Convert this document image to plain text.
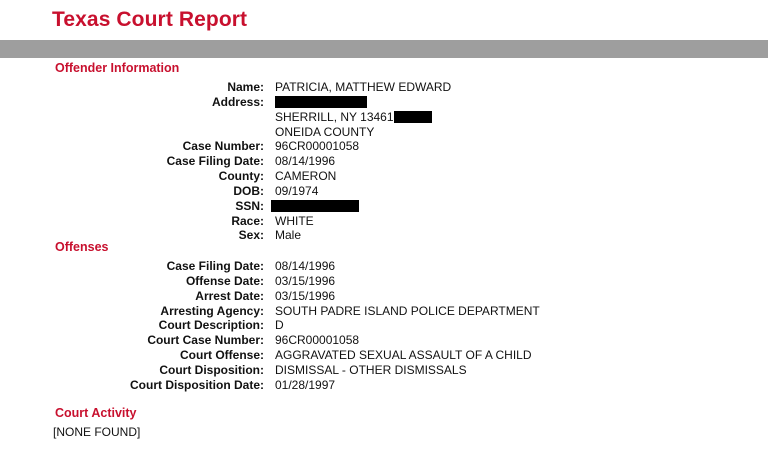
Texas Court Report
Offender Information
Name: PATRICIA, MATTHEW EDWARD
Address:
SHERRILL, NY 13461
ONEIDA COUNTY
Case Number: 96CR00001058
Case Filing Date: 08/14/1996
County: CAMERON
DOB: 09/1974
SSN:
Race: WHITE
Sex: Male
Offenses
Case Filing Date: 08/14/1996
Offense Date: 03/15/1996
Arrest Date: 03/15/1996
Arresting Agency: SOUTH PADRE ISLAND POLICE DEPARTMENT
Court Description: D
Court Case Number: 96CR00001058
Court Offense: AGGRAVATED SEXUAL ASSAULT OF A CHILD
Court Disposition: DISMISSAL - OTHER DISMISSALS
Court Disposition Date: 01/28/1997
Court Activity
[NONE FOUND]
